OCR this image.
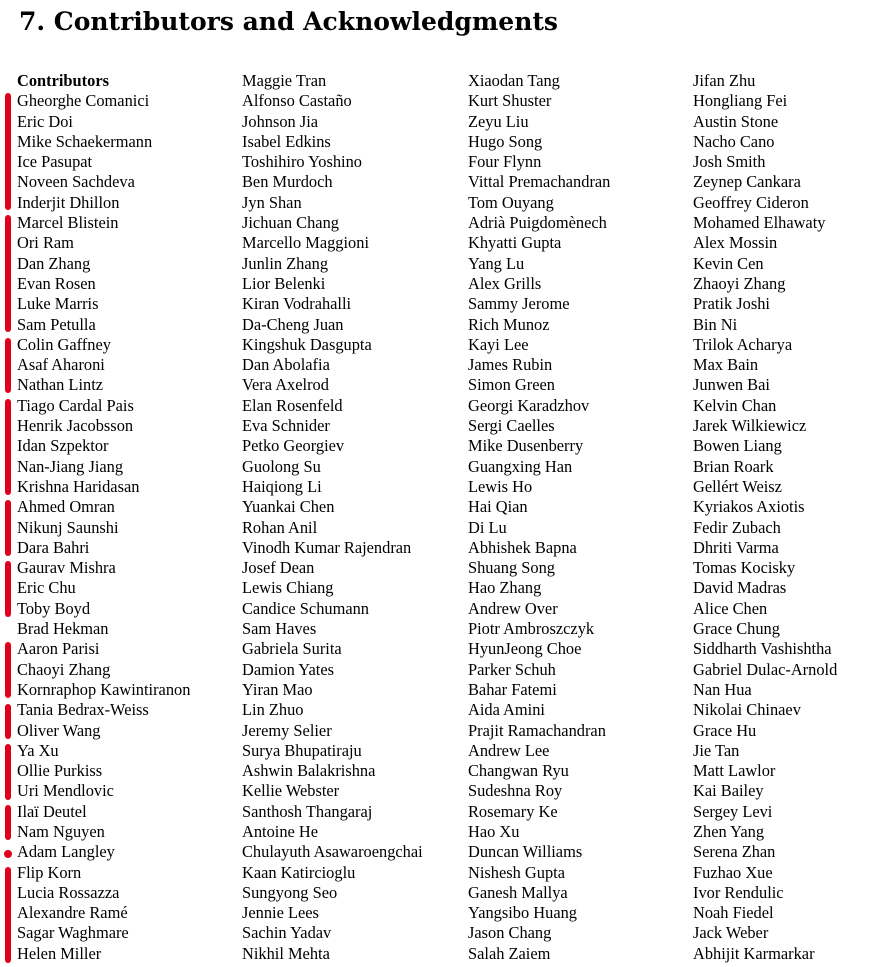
7. Contributors and Acknowledgments
Contributors
Gheorghe Comanici
Eric Doi
Mike Schaekermann
Ice Pasupat
Noveen Sachdeva
Inderjit Dhillon
Marcel Blistein
Ori Ram
Dan Zhang
Evan Rosen
Luke Marris
Sam Petulla
Colin Gaffney
Asaf Aharoni
Nathan Lintz
Tiago Cardal Pais
Henrik Jacobsson
Idan Szpektor
Nan-Jiang Jiang
Krishna Haridasan
Ahmed Omran
Nikunj Saunshi
Dara Bahri
Gaurav Mishra
Eric Chu
Toby Boyd
Brad Hekman
Aaron Parisi
Chaoyi Zhang
Kornraphop Kawintiranon
Tania Bedrax-Weiss
Oliver Wang
Ya Xu
Ollie Purkiss
Uri Mendlovic
Ilaï Deutel
Nam Nguyen
Adam Langley
Flip Korn
Lucia Rossazza
Alexandre Ramé
Sagar Waghmare
Helen Miller
Maggie Tran
Alfonso Castaño
Johnson Jia
Isabel Edkins
Toshihiro Yoshino
Ben Murdoch
Jyn Shan
Jichuan Chang
Marcello Maggioni
Junlin Zhang
Lior Belenki
Kiran Vodrahalli
Da-Cheng Juan
Kingshuk Dasgupta
Dan Abolafia
Vera Axelrod
Elan Rosenfeld
Eva Schnider
Petko Georgiev
Guolong Su
Haiqiong Li
Yuankai Chen
Rohan Anil
Vinodh Kumar Rajendran
Josef Dean
Lewis Chiang
Candice Schumann
Sam Haves
Gabriela Surita
Damion Yates
Yiran Mao
Lin Zhuo
Jeremy Selier
Surya Bhupatiraju
Ashwin Balakrishna
Kellie Webster
Santhosh Thangaraj
Antoine He
Chulayuth Asawaroengchai
Kaan Katircioglu
Sungyong Seo
Jennie Lees
Sachin Yadav
Nikhil Mehta
Xiaodan Tang
Kurt Shuster
Zeyu Liu
Hugo Song
Four Flynn
Vittal Premachandran
Tom Ouyang
Adrià Puigdomènech
Khyatti Gupta
Yang Lu
Alex Grills
Sammy Jerome
Rich Munoz
Kayi Lee
James Rubin
Simon Green
Georgi Karadzhov
Sergi Caelles
Mike Dusenberry
Guangxing Han
Lewis Ho
Hai Qian
Di Lu
Abhishek Bapna
Shuang Song
Hao Zhang
Andrew Over
Piotr Ambroszczyk
HyunJeong Choe
Parker Schuh
Bahar Fatemi
Aida Amini
Prajit Ramachandran
Andrew Lee
Changwan Ryu
Sudeshna Roy
Rosemary Ke
Hao Xu
Duncan Williams
Nishesh Gupta
Ganesh Mallya
Yangsibo Huang
Jason Chang
Salah Zaiem
Jifan Zhu
Hongliang Fei
Austin Stone
Nacho Cano
Josh Smith
Zeynep Cankara
Geoffrey Cideron
Mohamed Elhawaty
Alex Mossin
Kevin Cen
Zhaoyi Zhang
Pratik Joshi
Bin Ni
Trilok Acharya
Max Bain
Junwen Bai
Kelvin Chan
Jarek Wilkiewicz
Bowen Liang
Brian Roark
Gellért Weisz
Kyriakos Axiotis
Fedir Zubach
Dhriti Varma
Tomas Kocisky
David Madras
Alice Chen
Grace Chung
Siddharth Vashishtha
Gabriel Dulac-Arnold
Nan Hua
Nikolai Chinaev
Grace Hu
Jie Tan
Matt Lawlor
Kai Bailey
Sergey Levi
Zhen Yang
Serena Zhan
Fuzhao Xue
Ivor Rendulic
Noah Fiedel
Jack Weber
Abhijit Karmarkar
